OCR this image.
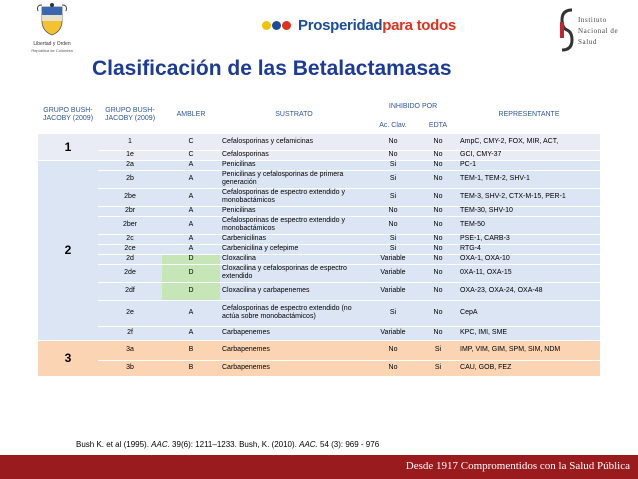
Libertad y Orden
República de Colombia
Prosperidadpara todos	Instituto
Nacional de
Salud
Clasificación de las Betalactamasas
GRUPO BUSH-JACOBY (2009)	GRUPO BUSH-JACOBY (2009)	AMBLER	SUSTRATO	INHIBIDO POR		REPRESENTANTE
				Ac. Clav.	EDTA	
1	1	C	Cefalosporinas y cefamicinas	No	No	AmpC, CMY-2, FOX, MIR, ACT,
	1e	C	Cefalosporinas	No	No	GCI, CMY-37
2	2a	A	Penicilinas	Si	No	PC-1
	2b	A	Penicilinas y cefalosporinas de primera generación	Si	No	TEM-1, TEM-2, SHV-1
	2be	A	Cefalosporinas de espectro extendido y monobactámicos	Si	No	TEM-3, SHV-2, CTX-M-15, PER-1
	2br	A	Penicilinas	No	No	TEM-30, SHV-10
	2ber	A	Cefalosporinas de espectro extendido y monobactámicos	No	No	TEM-50
	2c	A	Carbenicilinas	Si	No	PSE-1, CARB-3
	2ce	A	Carbenicilina y cefepime	Si	No	RTG-4
	2d	D	Cloxacilina	Variable	No	OXA-1, OXA-10
	2de	D	Cloxacilina y cefalosporinas de espectro extendido	Variable	No	0XA-11, OXA-15
	2df	D	Cloxacilina y carbapenemes	Variable	No	OXA-23, OXA-24, OXA-48
	2e	A	Cefalosporinas de espectro extendido (no actúa sobre monobactámicos)	Si	No	CepA
	2f	A	Carbapenemes	Variable	No	KPC, IMI, SME
3	3a	B	Carbapenemes	No	Si	IMP, VIM, GIM, SPM, SIM, NDM
	3b	B	Carbapenemes	No	Si	CAU, GOB, FEZ
Bush K. et al (1995). AAC. 39(6): 1211–1233. Bush, K. (2010). AAC. 54 (3): 969 - 976
Desde 1917 Compromentidos con la Salud Pública
